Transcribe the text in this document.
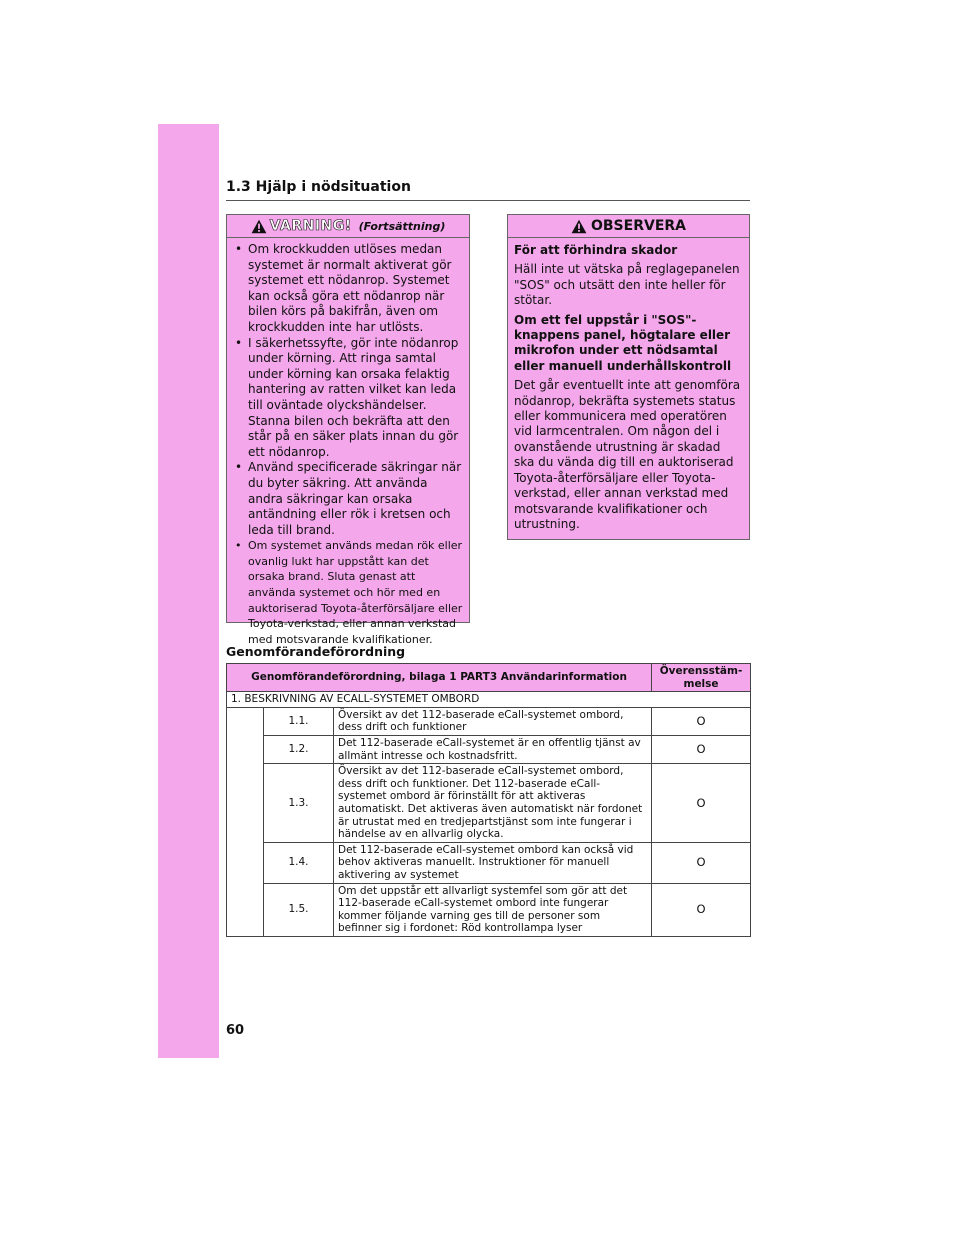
1.3 Hjälp i nödsituation
VARNING! (Fortsättning)
• Om krockkudden utlöses medan systemet är normalt aktiverat gör systemet ett nödanrop. Systemet kan också göra ett nödanrop när bilen körs på bakifrån, även om krockkudden inte har utlösts.
• I säkerhetssyfte, gör inte nödanrop under körning. Att ringa samtal under körning kan orsaka felaktig hantering av ratten vilket kan leda till oväntade olyckshändelser. Stanna bilen och bekräfta att den står på en säker plats innan du gör ett nödanrop.
• Använd specificerade säkringar när du byter säkring. Att använda andra säkringar kan orsaka antändning eller rök i kretsen och leda till brand.
• Om systemet används medan rök eller ovanlig lukt har uppstått kan det orsaka brand. Sluta genast att använda systemet och hör med en auktoriserad Toyota-återförsäljare eller Toyota-verkstad, eller annan verkstad med motsvarande kvalifikationer.
OBSERVERA

För att förhindra skador

Häll inte ut vätska på reglagepanelen "SOS" och utsätt den inte heller för stötar.

Om ett fel uppstår i "SOS"-knappens panel, högtalare eller mikrofon under ett nödsamtal eller manuell underhållskontroll

Det går eventuellt inte att genomföra nödanrop, bekräfta systemets status eller kommunicera med operatören vid larmcentralen. Om någon del i ovanstående utrustning är skadad ska du vända dig till en auktoriserad Toyota-återförsäljare eller Toyota-verkstad, eller annan verkstad med motsvarande kvalifikationer och utrustning.

Genomförandeförordning
Genomförandeförordning, bilaga 1 PART3 Användarinformation			Överensstäm-melse
1. BESKRIVNING AV ECALL-SYSTEMET OMBORD			
	1.1.	Översikt av det 112-baserade eCall-systemet ombord, dess drift och funktioner	O
	1.2.	Det 112-baserade eCall-systemet är en offentlig tjänst av allmänt intresse och kostnadsfritt.	O
	1.3.	Översikt av det 112-baserade eCall-systemet ombord, dess drift och funktioner. Det 112-baserade eCall-systemet ombord är förinställt för att aktiveras automatiskt. Det aktiveras även automatiskt när fordonet är utrustat med en tredjepartstjänst som inte fungerar i händelse av en allvarlig olycka.	O
	1.4.	Det 112-baserade eCall-systemet ombord kan också vid behov aktiveras manuellt. Instruktioner för manuell aktivering av systemet	O
	1.5.	Om det uppstår ett allvarligt systemfel som gör att det 112-baserade eCall-systemet ombord inte fungerar kommer följande varning ges till de personer som befinner sig i fordonet: Röd kontrollampa lyser	O
60
